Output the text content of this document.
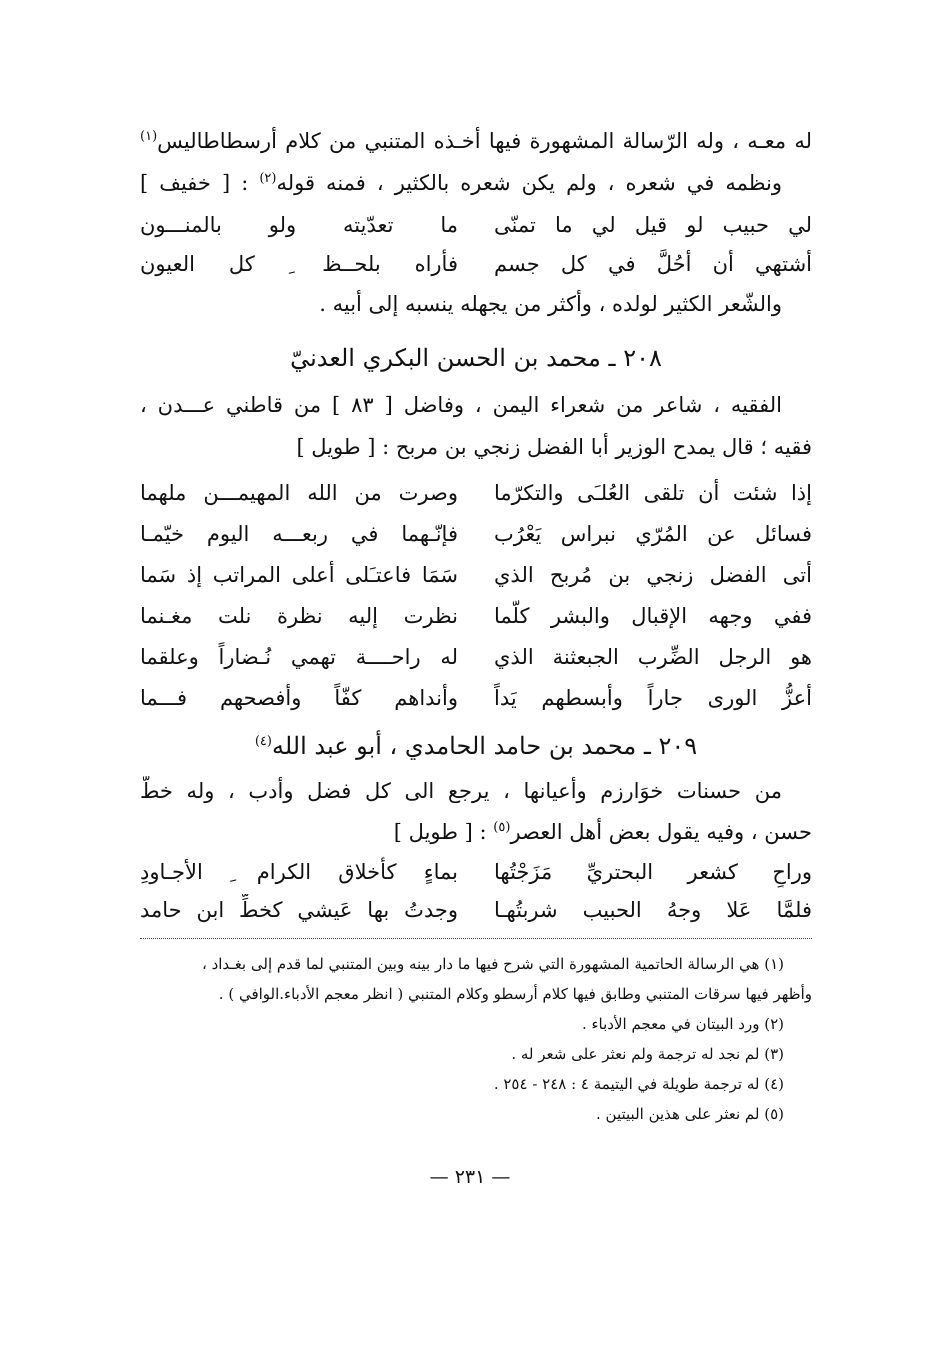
له معـه ، وله الرّسالة المشهورة فيها أخـذه المتنبي من كلام أرسطاطاليس$^{(١)}$
ونظمه في شعره ، ولم يكن شعره بالكثير ، فمنه قوله$^{(٢)}$ : [ خفيف ]
لي حبيب لو قيل لي ما تمنّى
ما تعدّيته ولو بالمنـــون
أشتهي أن أحُلَّ في كل جسم
فأراه بلحــظ ِ كل العيون
والشّعر الكثير لولده ، وأكثر من يجهله ينسبه إلى أبيه .
٢٠٨ ـ محمد بن الحسن البكري العدنيّ
الفقيه ، شاعر من شعراء اليمن ، وفاضل [ ٨٣ ] من قاطني عـــدن ،
فقيه ؛ قال يمدح الوزير أبا الفضل زنجي بن مربح : [ طويل ]
إذا شئت أن تلقى العُلـَى والتكرّما
وصرت من الله المهيمـــن ملهما
فسائل عن المُرّي نبراس يَعْرُب
فإنّـهما في ربعـــه اليوم خيّمـا
أتى الفضل زنجي بن مُربح الذي
سَمَا فاعتـَلى أعلى المراتب إذ سَما
ففي وجهه الإقبال والبشر كلّما
نظرت إليه نظرة نلت مغـنما
هو الرجل الضِّرب الجبعثنة الذي
له راحــــة تهمي نُـضاراً وعلقما
أعزُّ الورى جاراً وأبسطهم يَداً
وأنداهم كفّاً وأفصحهم فـــما
٢٠٩ ـ محمد بن حامد الحامدي ، أبو عبد الله$^{(٤)}$
من حسنات خوَارزم وأعيانها ، يرجع الى كل فضل وأدب ، وله خطٌّ
حسن ، وفيه يقول بعض أهل العصر$^{(٥)}$ : [ طويل ]
وراحٍ كشعر البحتريِّ مَزَجْتُها
بماءٍ كأخلاق الكرام ِ الأجـاودِ
فلمَّا عَلا وجهُ الحبيب شربتُهـا
وجدتُ بها عَيشي كخطِّ ابن حامد
(١) هي الرسالة الحاتمية المشهورة التي شرح فيها ما دار بينه وبين المتنبي لما قدم إلى بغـداد ،
وأظهر فيها سرقات المتنبي وطابق فيها كلام أرسطو وكلام المتنبي ( انظر معجم الأدباء.الوافي ) .
(٢) ورد البيتان في معجم الأدباء .
(٣) لم نجد له ترجمة ولم نعثر على شعر له .
(٤) له ترجمة طويلة في اليتيمة ٤ : ٢٤٨ - ٢٥٤ .
(٥) لم نعثر على هذين البيتين .
— ٢٣١ —
